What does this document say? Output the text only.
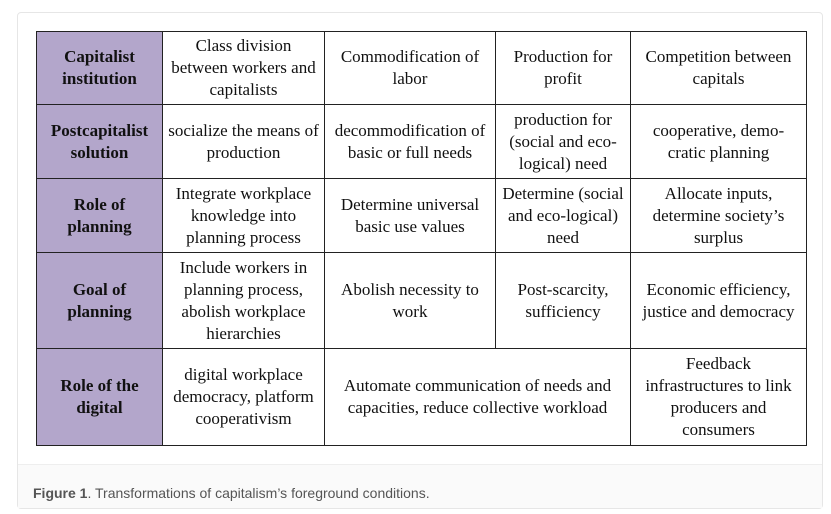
Capitalist institution	Class division between workers and capitalists	Commodification of labor	Production for profit	Competition between capitals
Postcapitalist solution	socialize the means of production	decommodification of basic or full needs	production for (social and eco-logical) need	cooperative, demo-cratic planning
Role of planning	Integrate workplace knowledge into planning process	Determine universal basic use values	Determine (social and eco-logical) need	Allocate inputs, determine society’s surplus
Goal of planning	Include workers in planning process, abolish workplace hierarchies	Abolish necessity to work	Post-scarcity, sufficiency	Economic efficiency, justice and democracy
Role of the digital	digital workplace democracy, platform cooperativism	Automate communication of needs and capacities, reduce collective workload		Feedback infrastructures to link producers and consumers
Figure 1. Transformations of capitalism’s foreground conditions.
